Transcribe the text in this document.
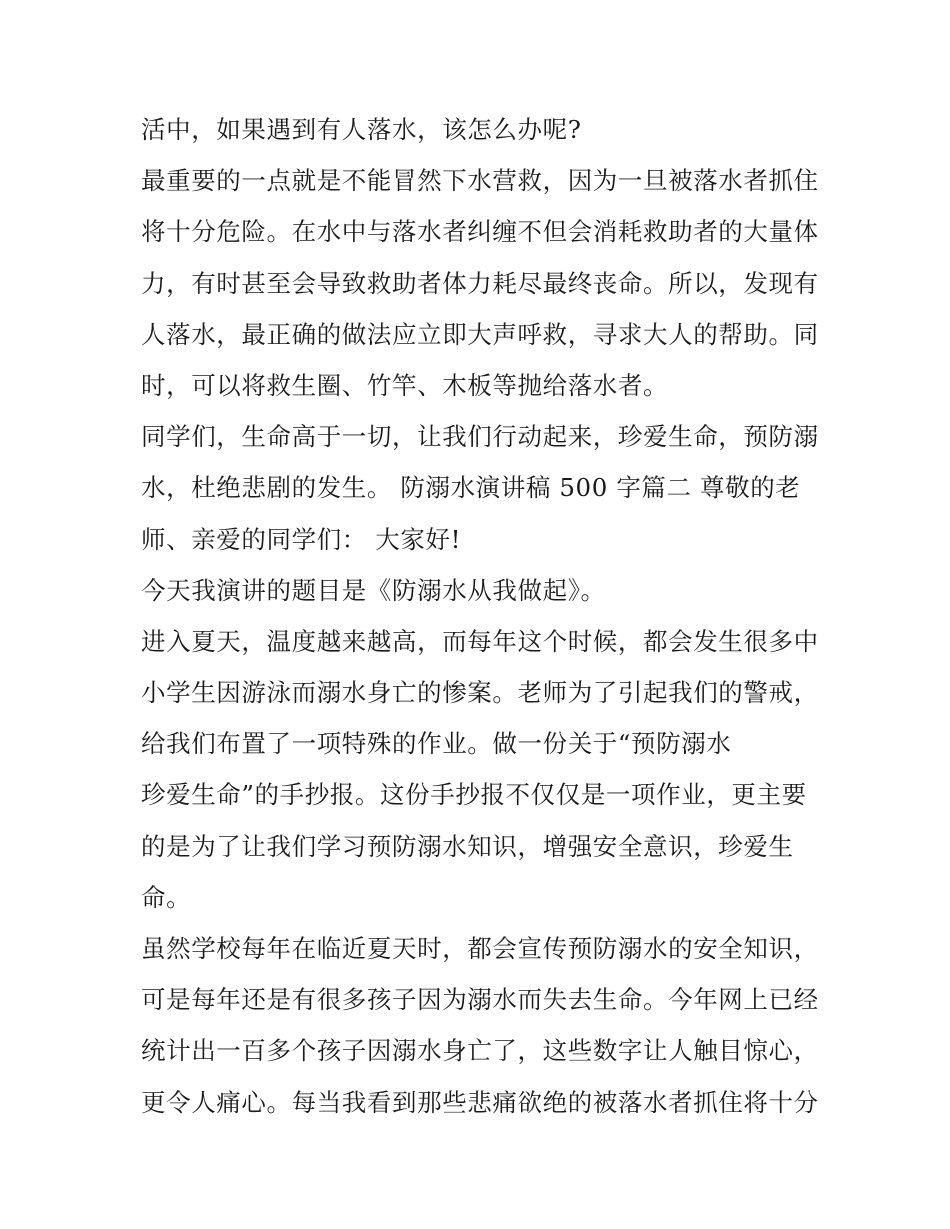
活中，如果遇到有人落水，该怎么办呢?
最重要的一点就是不能冒然下水营救，因为一旦被落水者抓住
将十分危险。在水中与落水者纠缠不但会消耗救助者的大量体
力，有时甚至会导致救助者体力耗尽最终丧命。所以，发现有
人落水，最正确的做法应立即大声呼救，寻求大人的帮助。同
时，可以将救生圈、竹竿、木板等抛给落水者。
同学们，生命高于一切，让我们行动起来，珍爱生命，预防溺
水，杜绝悲剧的发生。 防溺水演讲稿 500 字篇二 尊敬的老
师、亲爱的同学们： 大家好!
今天我演讲的题目是《防溺水从我做起》。
进入夏天，温度越来越高，而每年这个时候，都会发生很多中
小学生因游泳而溺水身亡的惨案。老师为了引起我们的警戒，
给我们布置了一项特殊的作业。做一份关于“预防溺水
珍爱生命”的手抄报。这份手抄报不仅仅是一项作业，更主要
的是为了让我们学习预防溺水知识，增强安全意识，珍爱生
命。
虽然学校每年在临近夏天时，都会宣传预防溺水的安全知识，
可是每年还是有很多孩子因为溺水而失去生命。今年网上已经
统计出一百多个孩子因溺水身亡了，这些数字让人触目惊心，
更令人痛心。每当我看到那些悲痛欲绝的被落水者抓住将十分
